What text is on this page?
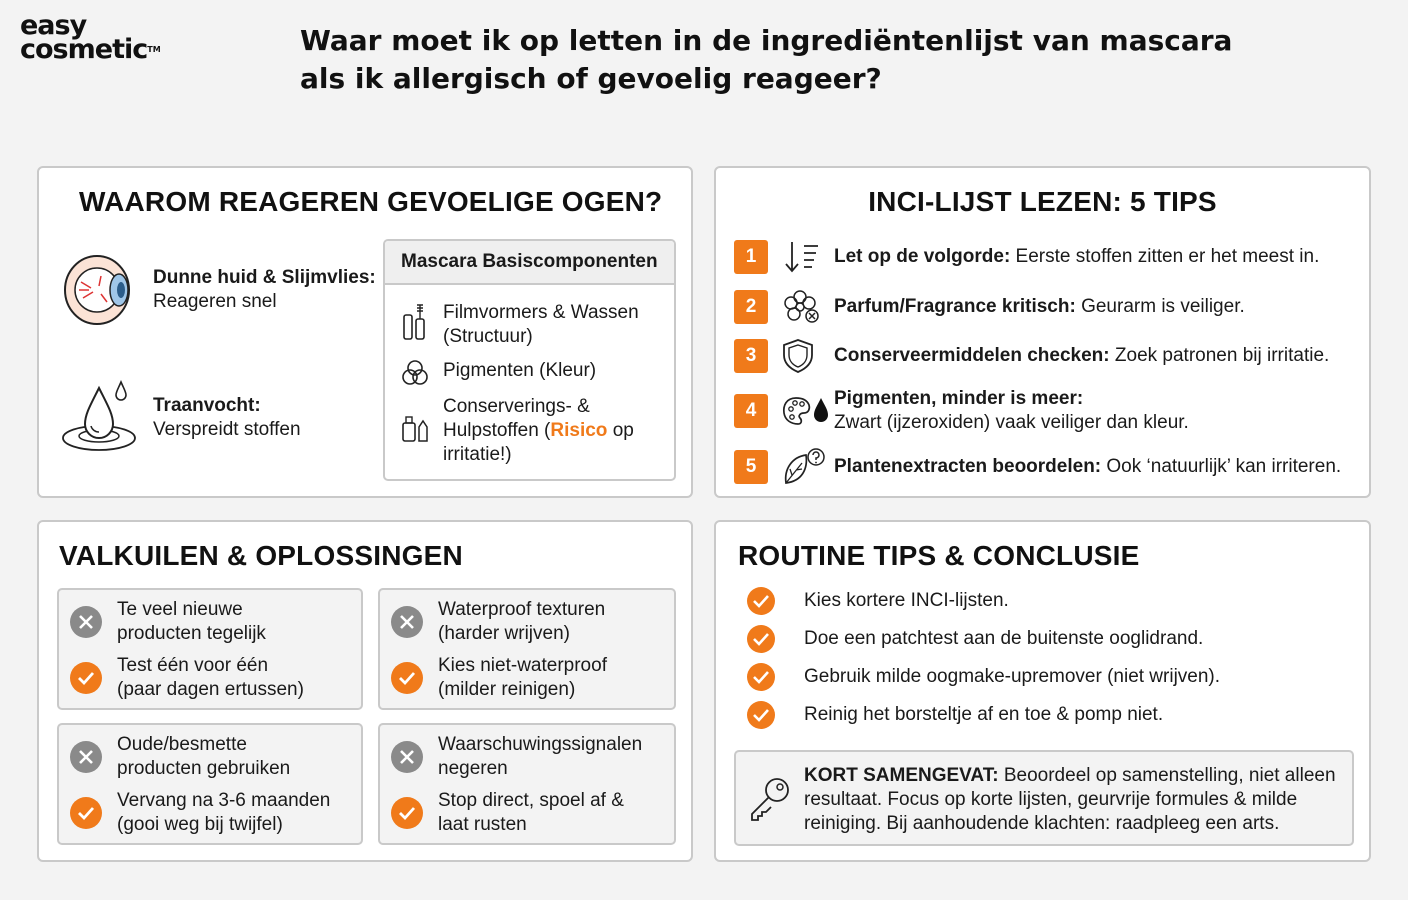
easy
cosmetic™	Waar moet ik op letten in de ingrediëntenlijst van mascara
als ik allergisch of gevoelig reageer?
WAAROM REAGEREN GEVOELIGE OGEN?
Dunne huid & Slijmvlies:
Reageren snel
Traanvocht:
Verspreidt stoffen
Mascara Basiscomponenten
Filmvormers & Wassen
(Structuur)
Pigmenten (Kleur)
Conserverings- &
Hulpstoffen (Risico op
irritatie!)
INCI-LIJST LEZEN: 5 TIPS
1	Let op de volgorde: Eerste stoffen zitten er het meest in.
2	Parfum/Fragrance kritisch: Geurarm is veiliger.
3	Conserveermiddelen checken: Zoek patronen bij irritatie.
4
Pigmenten, minder is meer:
Zwart (ijzeroxiden) vaak veiliger dan kleur.
5	Plantenextracten beoordelen: Ook ‘natuurlijk’ kan irriteren.
VALKUILEN & OPLOSSINGEN
Te veel nieuwe
producten tegelijk
Test één voor één
(paar dagen ertussen)
Waterproof texturen
(harder wrijven)
Kies niet-waterproof
(milder reinigen)
Oude/besmette
producten gebruiken
Vervang na 3-6 maanden
(gooi weg bij twijfel)
Waarschuwingssignalen
negeren
Stop direct, spoel af &
laat rusten
ROUTINE TIPS & CONCLUSIE
Kies kortere INCI-lijsten.
Doe een patchtest aan de buitenste ooglidrand.
Gebruik milde oogmake-upremover (niet wrijven).
Reinig het borsteltje af en toe & pomp niet.
KORT SAMENGEVAT: Beoordeel op samenstelling, niet alleen
resultaat. Focus op korte lijsten, geurvrije formules & milde
reiniging. Bij aanhoudende klachten: raadpleeg een arts.
